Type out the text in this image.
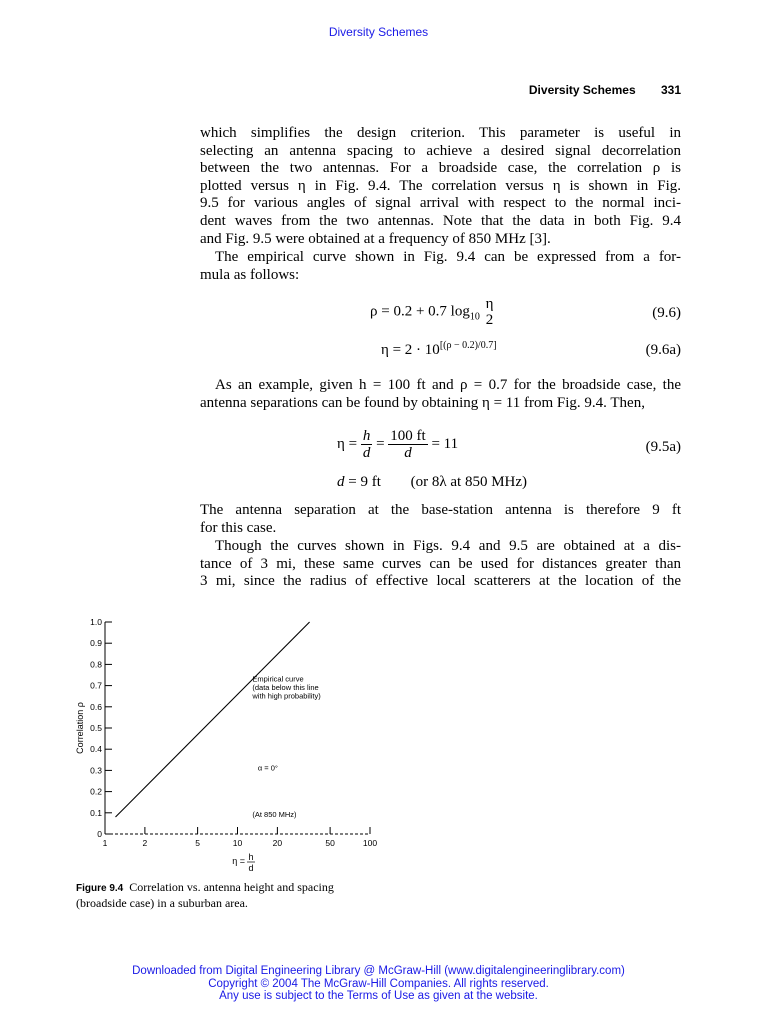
Diversity Schemes
Diversity Schemes 331
which simplifies the design criterion. This parameter is useful in
selecting an antenna spacing to achieve a desired signal decorrelation
between the two antennas. For a broadside case, the correlation ρ is
plotted versus η in Fig. 9.4. The correlation versus η is shown in Fig.
9.5 for various angles of signal arrival with respect to the normal inci-
dent waves from the two antennas. Note that the data in both Fig. 9.4
and Fig. 9.5 were obtained at a frequency of 850 MHz [3].
The empirical curve shown in Fig. 9.4 can be expressed from a for-
mula as follows:
ρ = 0.2 + 0.7 $\log_{10}$
η
2	(9.6)
η = 2 · 10[(ρ − 0.2)/0.7]	(9.6a)
As an example, given h = 100 ft and ρ = 0.7 for the broadside case, the
antenna separations can be found by obtaining η = 11 from Fig. 9.4. Then,
$\eta = \frac{h}{d} = \frac{100 ft}{d} = 11$	(9.5a)
d = 9 ft (or 8λ at 850 MHz)
The antenna separation at the base-station antenna is therefore 9 ft
for this case.
Though the curves shown in Figs. 9.4 and 9.5 are obtained at a dis-
tance of 3 mi, these same curves can be used for distances greater than
3 mi, since the radius of effective local scatterers at the location of the
0
0.1
0.2
0.3
0.4
0.5
0.6
0.7
0.8
0.9
1.0
1	2	5	10	20	50	100
Empirical curve
(data below this line
with high probability)
α = 0°
(At 850 MHz)
Correlation ρ
η = h
d
Figure 9.4 Correlation vs. antenna height and spacing
(broadside case) in a suburban area.
Downloaded from Digital Engineering Library @ McGraw-Hill (www.digitalengineeringlibrary.com)
Copyright © 2004 The McGraw-Hill Companies. All rights reserved.
Any use is subject to the Terms of Use as given at the website.
